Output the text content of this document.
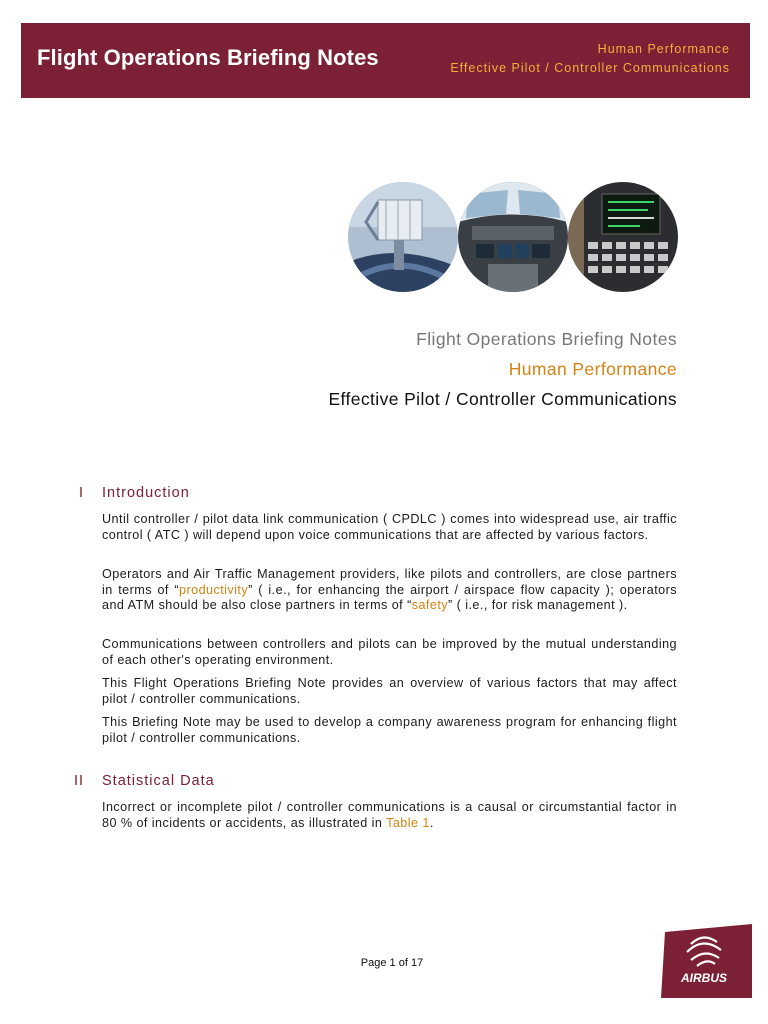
Flight Operations Briefing Notes	Human Performance
Effective Pilot / Controller Communications
Flight Operations Briefing Notes
Human Performance
Effective Pilot / Controller Communications
I Introduction
Until controller / pilot data link communication ( CPDLC ) comes into widespread use, air traffic control ( ATC ) will depend upon voice communications that are affected by various factors.
Operators and Air Traffic Management providers, like pilots and controllers, are close partners in terms of “productivity” ( i.e., for enhancing the airport / airspace flow capacity ); operators and ATM should be also close partners in terms of “safety” ( i.e., for risk management ).
Communications between controllers and pilots can be improved by the mutual understanding of each other's operating environment.
This Flight Operations Briefing Note provides an overview of various factors that may affect pilot / controller communications.
This Briefing Note may be used to develop a company awareness program for enhancing flight pilot / controller communications.
II Statistical Data
Incorrect or incomplete pilot / controller communications is a causal or circumstantial factor in 80 % of incidents or accidents, as illustrated in Table 1.
Page 1 of 17
AIRBUS
